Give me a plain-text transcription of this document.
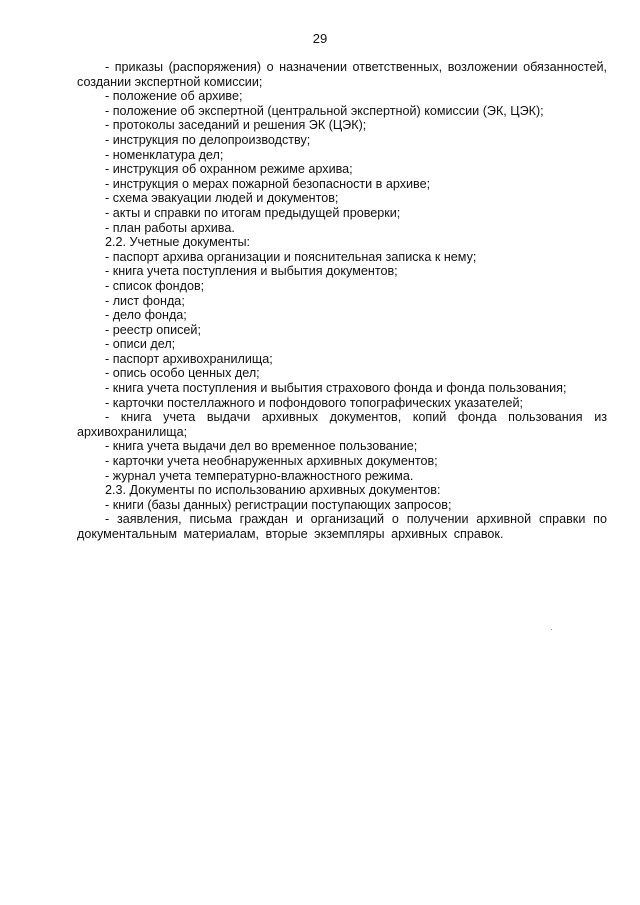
29

- приказы (распоряжения) о назначении ответственных, возложении обязанностей, создании экспертной комиссии;

- положение об архиве;

- положение об экспертной (центральной экспертной) комиссии (ЭК, ЦЭК);

- протоколы заседаний и решения ЭК (ЦЭК);

- инструкция по делопроизводству;

- номенклатура дел;

- инструкция об охранном режиме архива;

- инструкция о мерах пожарной безопасности в архиве;

- схема эвакуации людей и документов;

- акты и справки по итогам предыдущей проверки;

- план работы архива.

2.2. Учетные документы:

- паспорт архива организации и пояснительная записка к нему;

- книга учета поступления и выбытия документов;

- список фондов;

- лист фонда;

- дело фонда;

- реестр описей;

- описи дел;

- паспорт архивохранилища;

- опись особо ценных дел;

- книга учета поступления и выбытия страхового фонда и фонда пользования;

- карточки постеллажного и пофондового топографических указателей;

- книга учета выдачи архивных документов, копий фонда пользования из архивохранилища;

- книга учета выдачи дел во временное пользование;

- карточки учета необнаруженных архивных документов;

- журнал учета температурно-влажностного режима.

2.3. Документы по использованию архивных документов:

- книги (базы данных) регистрации поступающих запросов;

- заявления, письма граждан и организаций о получении архивной справки по документальным материалам, вторые экземпляры архивных справок.
